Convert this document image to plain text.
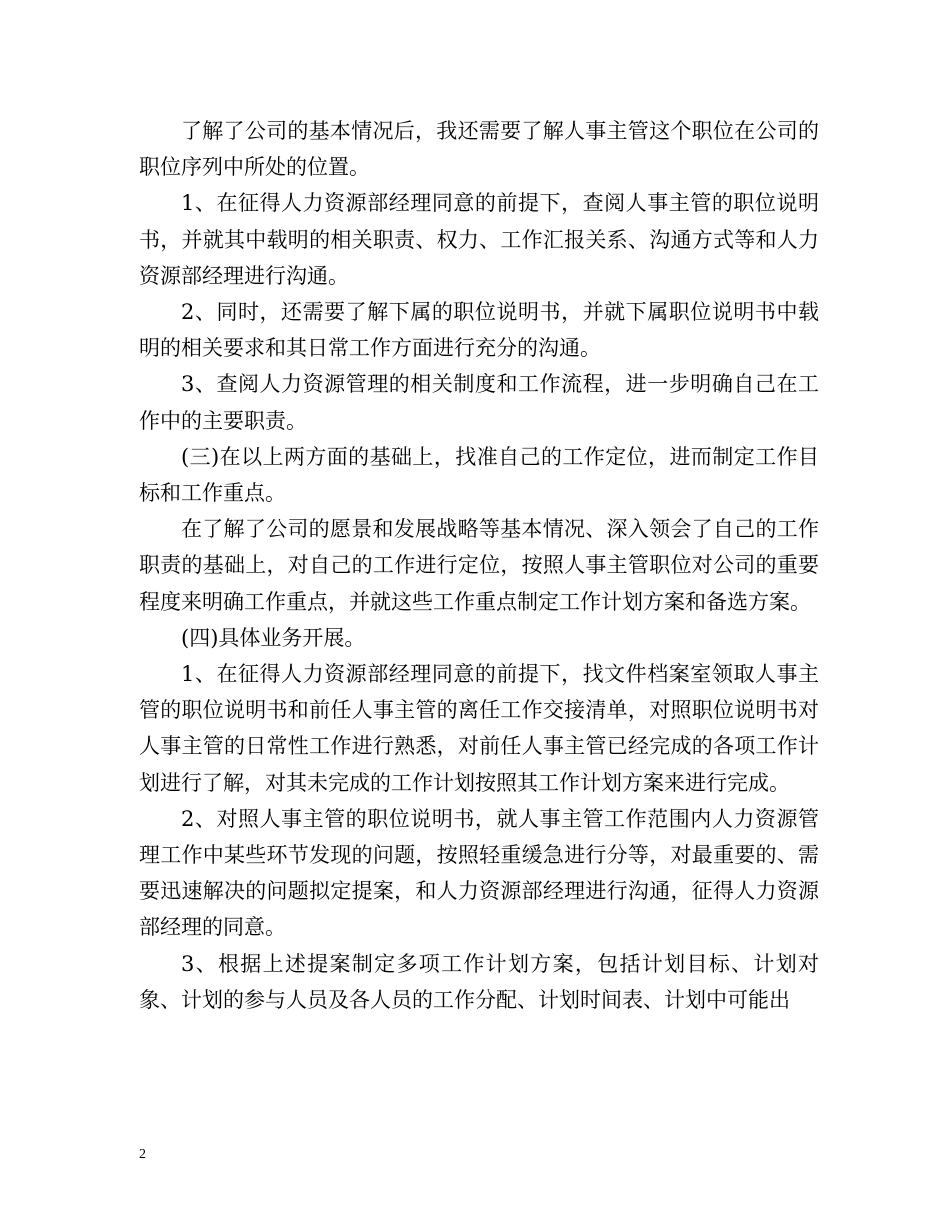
了解了公司的基本情况后，我还需要了解人事主管这个职位在公司的职位序列中所处的位置。

1、在征得人力资源部经理同意的前提下，查阅人事主管的职位说明书，并就其中载明的相关职责、权力、工作汇报关系、沟通方式等和人力资源部经理进行沟通。

2、同时，还需要了解下属的职位说明书，并就下属职位说明书中载明的相关要求和其日常工作方面进行充分的沟通。

3、查阅人力资源管理的相关制度和工作流程，进一步明确自己在工作中的主要职责。

(三)在以上两方面的基础上，找准自己的工作定位，进而制定工作目标和工作重点。

在了解了公司的愿景和发展战略等基本情况、深入领会了自己的工作职责的基础上，对自己的工作进行定位，按照人事主管职位对公司的重要程度来明确工作重点，并就这些工作重点制定工作计划方案和备选方案。

(四)具体业务开展。

1、在征得人力资源部经理同意的前提下，找文件档案室领取人事主管的职位说明书和前任人事主管的离任工作交接清单，对照职位说明书对人事主管的日常性工作进行熟悉，对前任人事主管已经完成的各项工作计划进行了解，对其未完成的工作计划按照其工作计划方案来进行完成。

2、对照人事主管的职位说明书，就人事主管工作范围内人力资源管理工作中某些环节发现的问题，按照轻重缓急进行分等，对最重要的、需要迅速解决的问题拟定提案，和人力资源部经理进行沟通，征得人力资源部经理的同意。

3、根据上述提案制定多项工作计划方案，包括计划目标、计划对象、计划的参与人员及各人员的工作分配、计划时间表、计划中可能出

2
